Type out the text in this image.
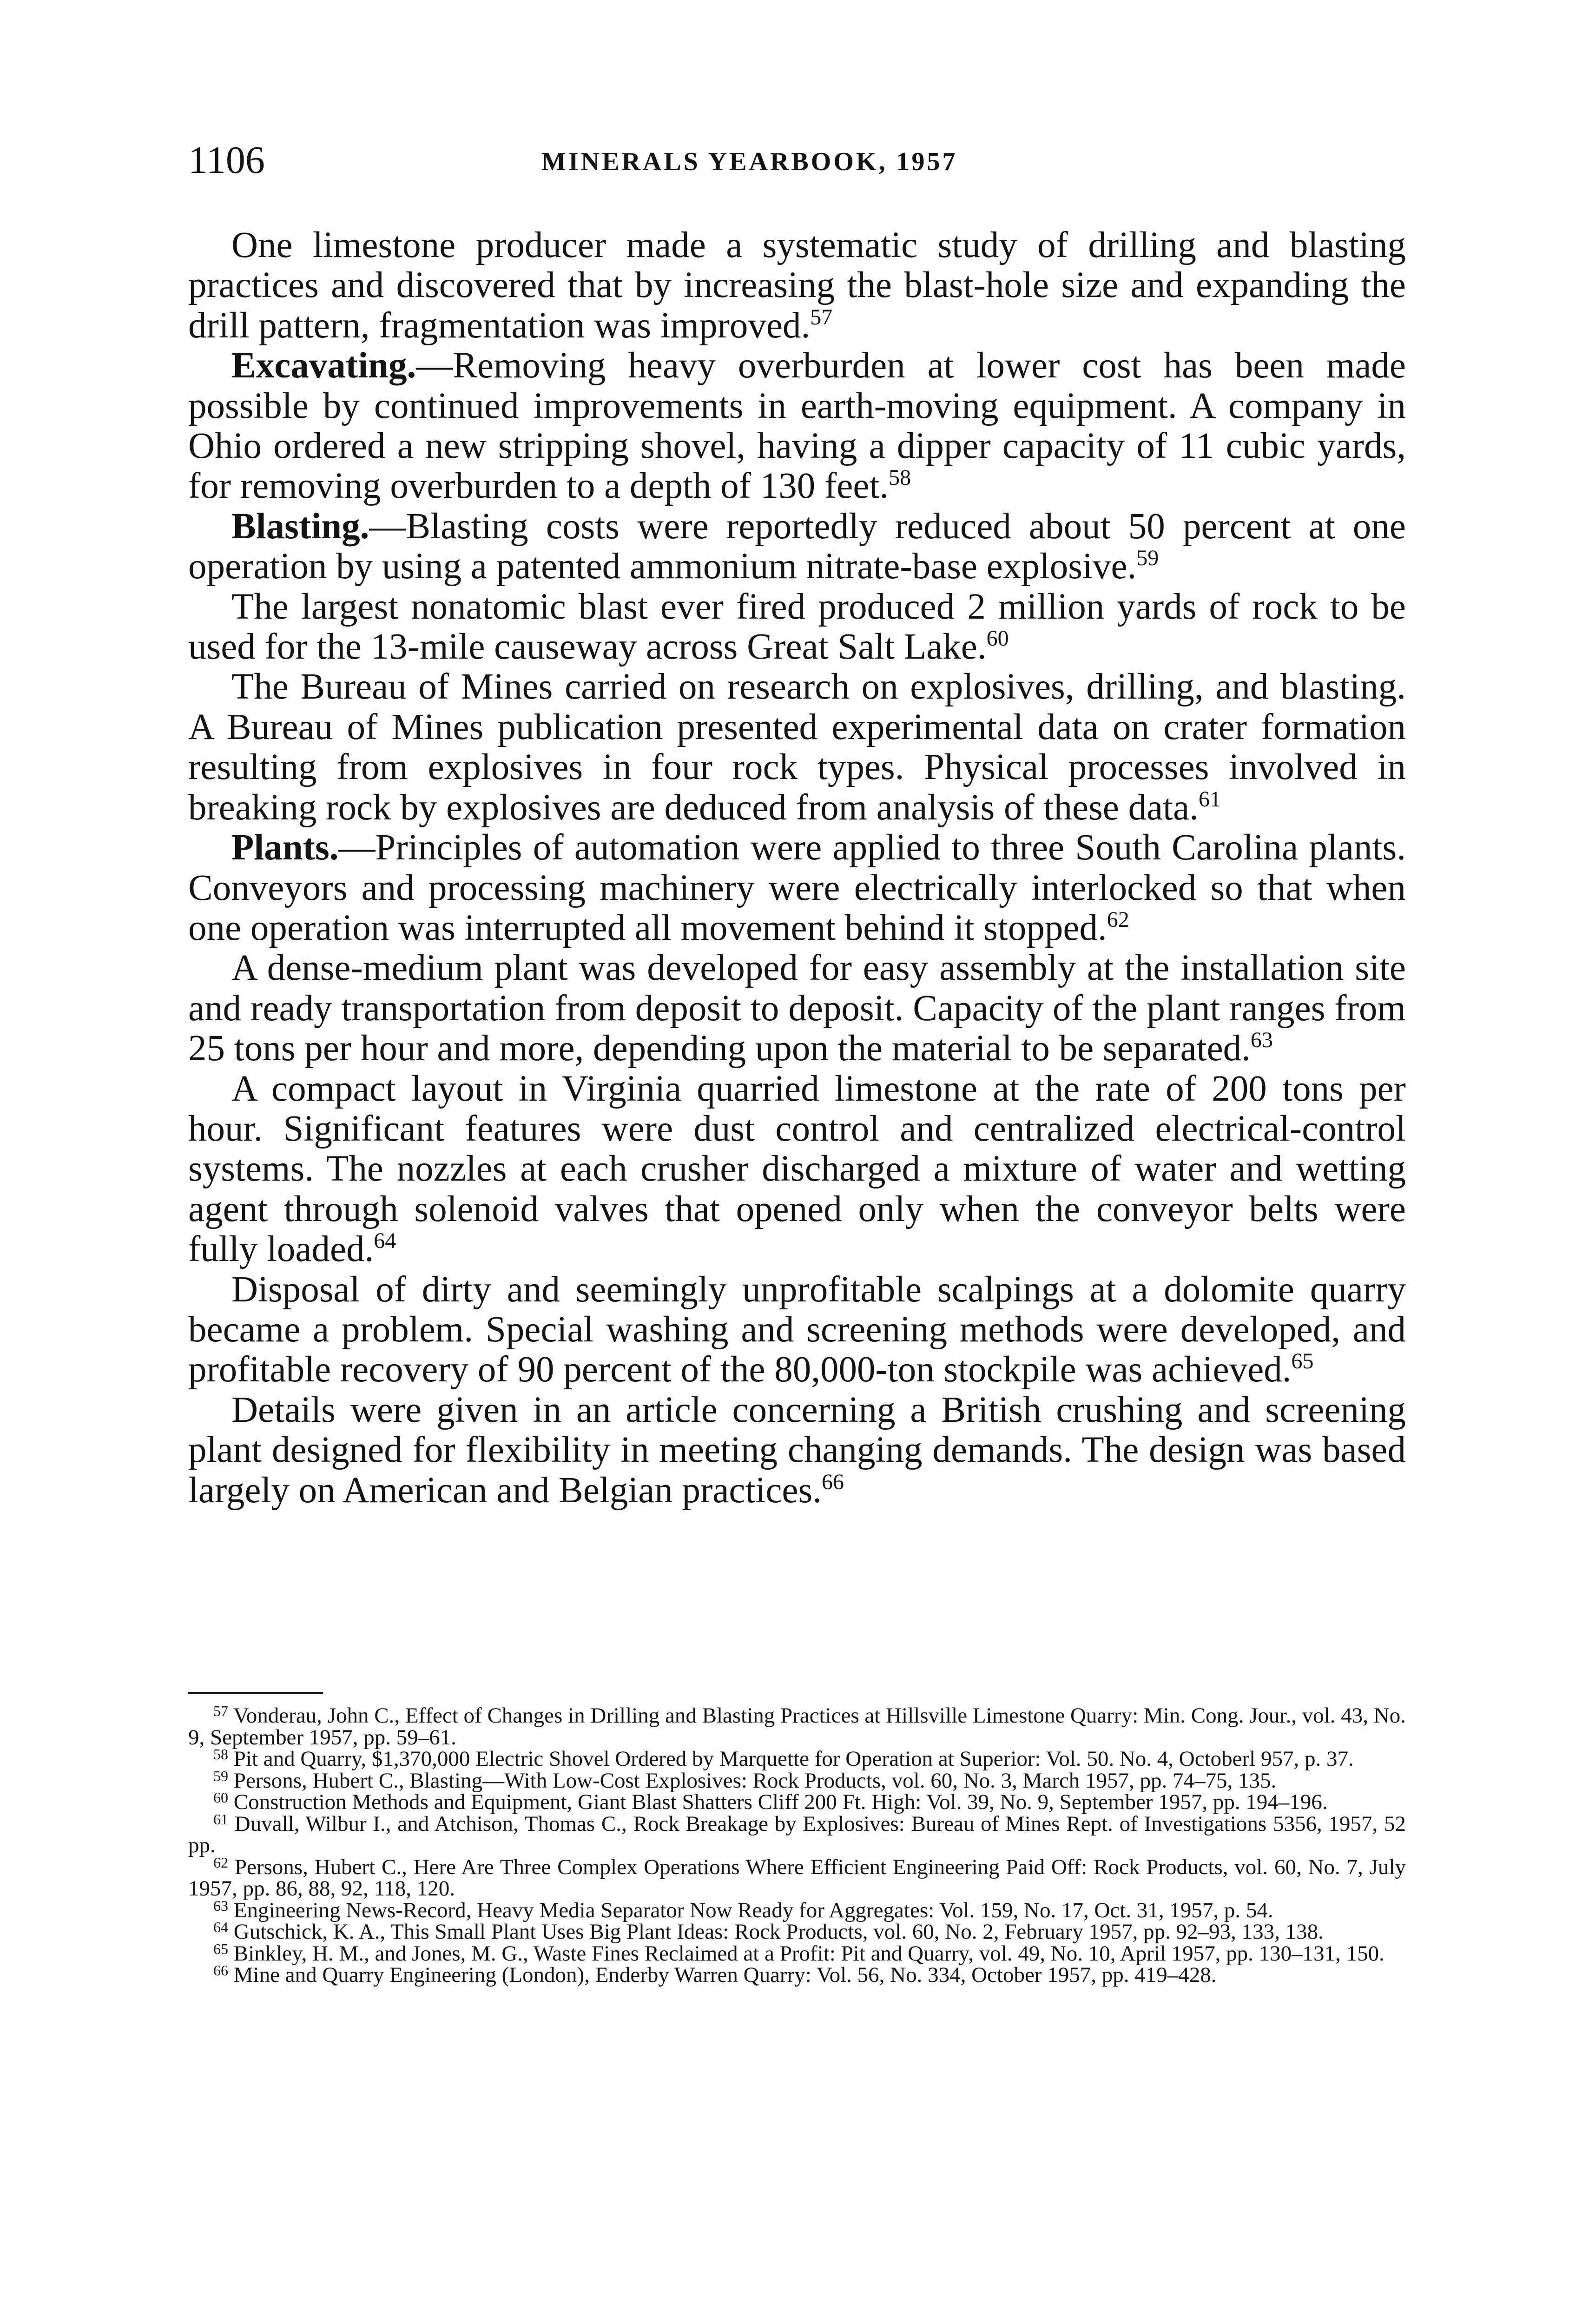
1106	MINERALS YEARBOOK, 1957

One limestone producer made a systematic study of drilling and blasting practices and discovered that by increasing the blast-hole size and expanding the drill pattern, fragmentation was improved.$^{57}$

Excavating.—Removing heavy overburden at lower cost has been made possible by continued improvements in earth-moving equipment. A company in Ohio ordered a new stripping shovel, having a dipper capacity of 11 cubic yards, for removing overburden to a depth of 130 feet.$^{58}$

Blasting.—Blasting costs were reportedly reduced about 50 percent at one operation by using a patented ammonium nitrate-base explosive.$^{59}$

The largest nonatomic blast ever fired produced 2 million yards of rock to be used for the 13-mile causeway across Great Salt Lake.$^{60}$

The Bureau of Mines carried on research on explosives, drilling, and blasting. A Bureau of Mines publication presented experimental data on crater formation resulting from explosives in four rock types. Physical processes involved in breaking rock by explosives are deduced from analysis of these data.$^{61}$

Plants.—Principles of automation were applied to three South Carolina plants. Conveyors and processing machinery were electrically interlocked so that when one operation was interrupted all movement behind it stopped.$^{62}$

A dense-medium plant was developed for easy assembly at the installation site and ready transportation from deposit to deposit. Capacity of the plant ranges from 25 tons per hour and more, depending upon the material to be separated.$^{63}$

A compact layout in Virginia quarried limestone at the rate of 200 tons per hour. Significant features were dust control and centralized electrical-control systems. The nozzles at each crusher discharged a mixture of water and wetting agent through solenoid valves that opened only when the conveyor belts were fully loaded.$^{64}$

Disposal of dirty and seemingly unprofitable scalpings at a dolomite quarry became a problem. Special washing and screening methods were developed, and profitable recovery of 90 percent of the 80,000-ton stockpile was achieved.$^{65}$

Details were given in an article concerning a British crushing and screening plant designed for flexibility in meeting changing demands. The design was based largely on American and Belgian practices.$^{66}$

$^{57}$ Vonderau, John C., Effect of Changes in Drilling and Blasting Practices at Hillsville Limestone Quarry: Min. Cong. Jour., vol. 43, No. 9, September 1957, pp. 59–61.

$^{58}$ Pit and Quarry, $1,370,000 Electric Shovel Ordered by Marquette for Operation at Superior: Vol. 50. No. 4, Octoberl 957, p. 37.

$^{59}$ Persons, Hubert C., Blasting—With Low-Cost Explosives: Rock Products, vol. 60, No. 3, March 1957, pp. 74–75, 135.

$^{60}$ Construction Methods and Equipment, Giant Blast Shatters Cliff 200 Ft. High: Vol. 39, No. 9, September 1957, pp. 194–196.

$^{61}$ Duvall, Wilbur I., and Atchison, Thomas C., Rock Breakage by Explosives: Bureau of Mines Rept. of Investigations 5356, 1957, 52 pp.

$^{62}$ Persons, Hubert C., Here Are Three Complex Operations Where Efficient Engineering Paid Off: Rock Products, vol. 60, No. 7, July 1957, pp. 86, 88, 92, 118, 120.

$^{63}$ Engineering News-Record, Heavy Media Separator Now Ready for Aggregates: Vol. 159, No. 17, Oct. 31, 1957, p. 54.

$^{64}$ Gutschick, K. A., This Small Plant Uses Big Plant Ideas: Rock Products, vol. 60, No. 2, February 1957, pp. 92–93, 133, 138.

$^{65}$ Binkley, H. M., and Jones, M. G., Waste Fines Reclaimed at a Profit: Pit and Quarry, vol. 49, No. 10, April 1957, pp. 130–131, 150.

$^{66}$ Mine and Quarry Engineering (London), Enderby Warren Quarry: Vol. 56, No. 334, October 1957, pp. 419–428.
